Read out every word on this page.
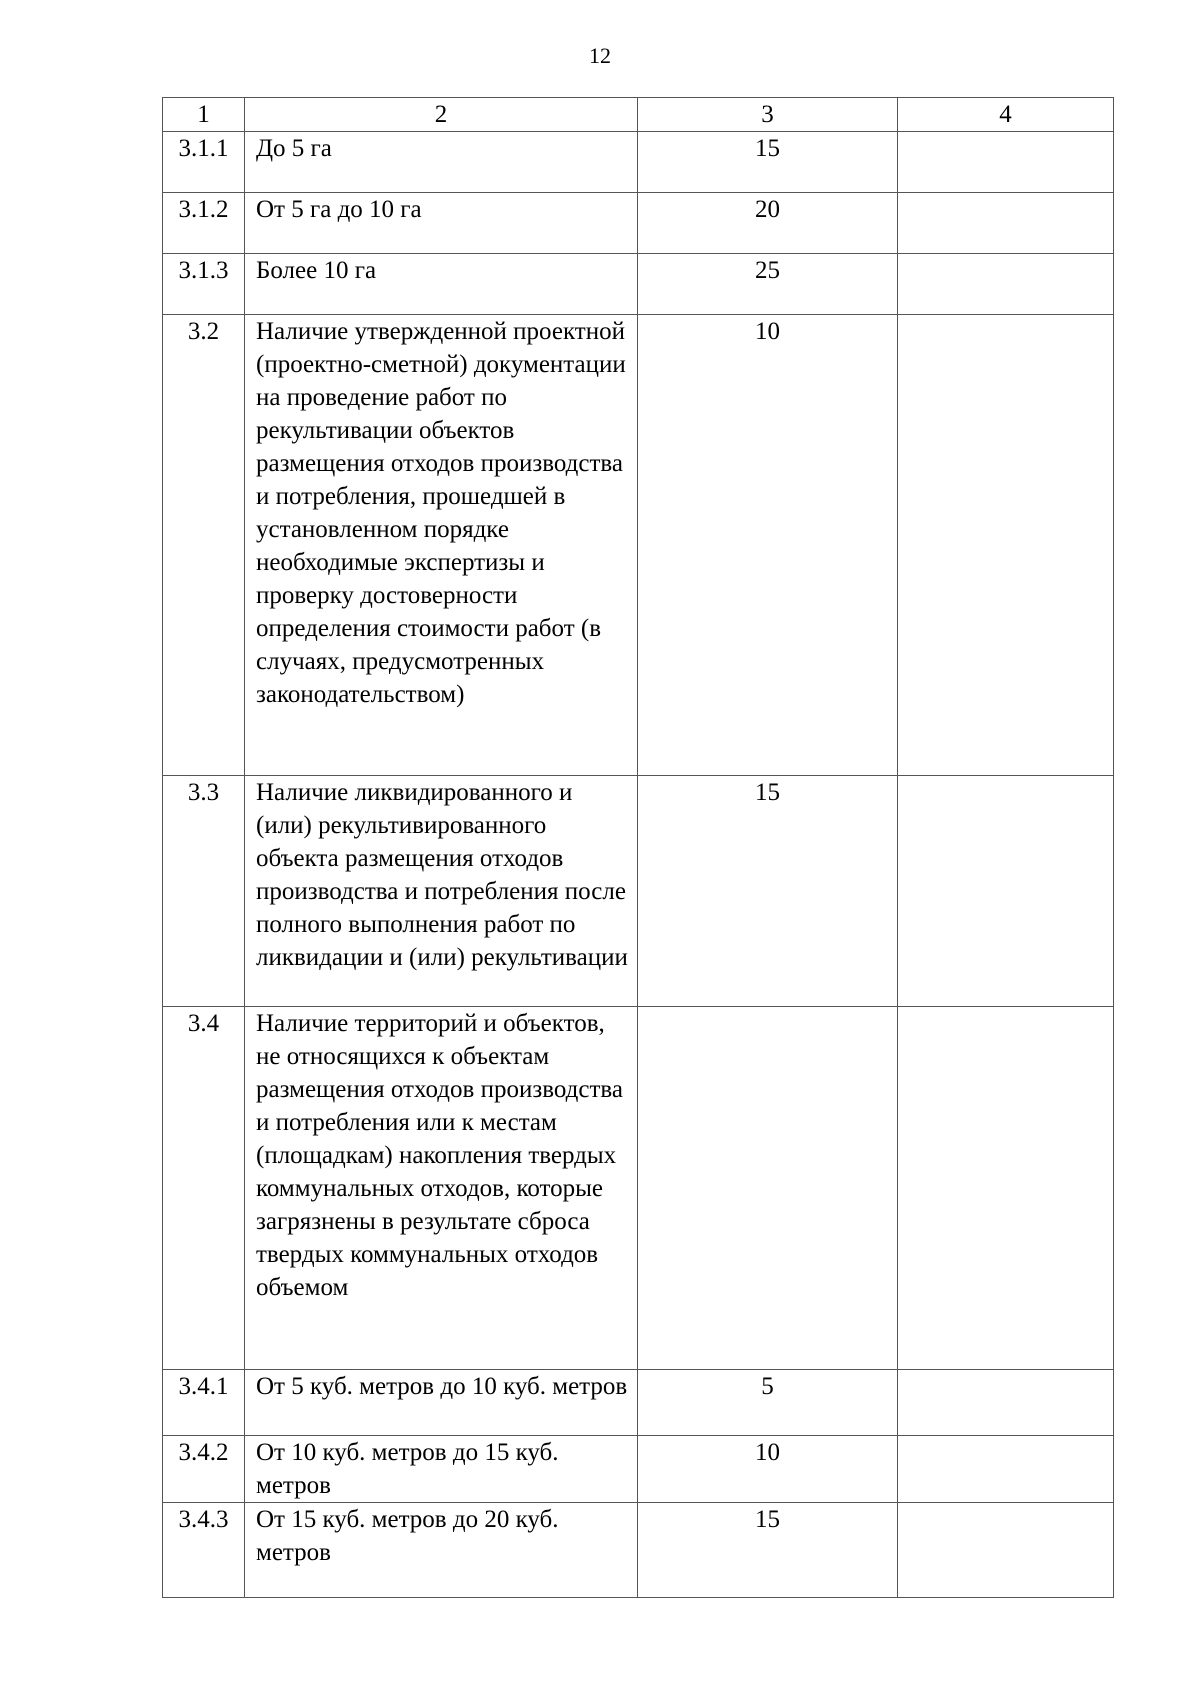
12
1	2	3	4
3.1.1	До 5 га	15	
3.1.2	От 5 га до 10 га	20	
3.1.3	Более 10 га	25	
3.2	Наличие утвержденной проектной (проектно-сметной) документации на проведение работ по рекультивации объектов размещения отходов производства и потребления, прошедшей в установленном порядке необходимые экспертизы и проверку достоверности определения стоимости работ (в случаях, предусмотренных законодательством)	10	
3.3	Наличие ликвидированного и (или) рекультивированного объекта размещения отходов производства и потребления после полного выполнения работ по ликвидации и (или) рекультивации	15	
3.4	Наличие территорий и объектов, не относящихся к объектам размещения отходов производства и потребления или к местам (площадкам) накопления твердых коммунальных отходов, которые загрязнены в результате сброса твердых коммунальных отходов объемом		
3.4.1	От 5 куб. метров до 10 куб. метров	5	
3.4.2	От 10 куб. метров до 15 куб. метров	10	
3.4.3	От 15 куб. метров до 20 куб. метров	15	
